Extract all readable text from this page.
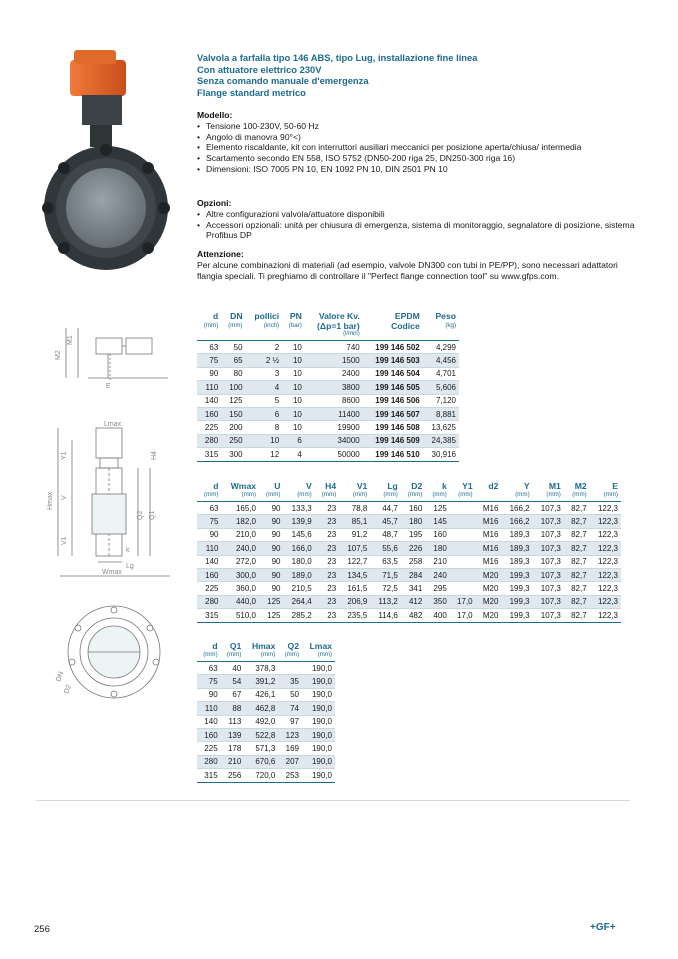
Valvola a farfalla tipo 146 ABS, tipo Lug, installazione fine linea
Con attuatore elettrico 230V
Senza comando manuale d'emergenza
Flange standard metrico
Modello:
• Tensione 100-230V, 50-60 Hz
• Angolo di manovra 90°<)
• Elemento riscaldante, kit con interruttori ausiliari meccanici per posizione aperta/chiusa/ intermedia
• Scartamento secondo EN 558, ISO 5752 (DN50-200 riga 25, DN250-300 riga 16)
• Dimensioni: ISO 7005 PN 10, EN 1092 PN 10, DIN 2501 PN 10
Opzioni:
• Altre configurazioni valvola/attuatore disponibili
• Accessori opzionali: unità per chiusura di emergenza, sistema di monitoraggio, segnalatore di posizione, sistema Profibus DP
Attenzione:
Per alcune combinazioni di materiali (ad esempio, valvole DN300 con tubi in PE/PP), sono necessari adattatori flangia speciali. Ti preghiamo di controllare il "Perfect flange connection tool" su www.gfps.com.
M2
M1
E
Lmax
H4
Y1
V
Hmax
Q2 Q1
V1
k
Lg
Wmax
DN
D2
d	DN	pollici	PN	Valore Kv.	EPDM	Peso
(mm)	(mm)	(inch)	(bar)	(Δp=1 bar)	Codice	(kg)
				(l/min)		
63	50	2	10	740	199 146 502	4,299
75	65	2 ½	10	1500	199 146 503	4,456
90	80	3	10	2400	199 146 504	4,701
110	100	4	10	3800	199 146 505	5,606
140	125	5	10	8600	199 146 506	7,120
160	150	6	10	11400	199 146 507	8,881
225	200	8	10	19900	199 146 508	13,625
280	250	10	6	34000	199 146 509	24,385
315	300	12	4	50000	199 146 510	30,916
d	Wmax	U	V	H4	V1	Lg	D2	k	Y1	d2	Y	M1	M2	E
(mm)	(mm)	(mm)	(mm)	(mm)	(mm)	(mm)	(mm)	(mm)	(mm)		(mm)	(mm)	(mm)	(mm)
63	165,0	90	133,3	23	78,8	44,7	160	125		M16	166,2	107,3	82,7	122,3
75	182,0	90	139,9	23	85,1	45,7	180	145		M16	166,2	107,3	82,7	122,3
90	210,0	90	145,6	23	91,2	48,7	195	160		M16	189,3	107,3	82,7	122,3
110	240,0	90	166,0	23	107,5	55,6	226	180		M16	189,3	107,3	82,7	122,3
140	272,0	90	180,0	23	122,7	63,5	258	210		M16	189,3	107,3	82,7	122,3
160	300,0	90	189,0	23	134,5	71,5	284	240		M20	199,3	107,3	82,7	122,3
225	360,0	90	210,5	23	161,5	72,5	341	295		M20	199,3	107,3	82,7	122,3
280	440,0	125	264,4	23	206,9	113,2	412	350	17,0	M20	199,3	107,3	82,7	122,3
315	510,0	125	285,2	23	235,5	114,6	482	400	17,0	M20	199,3	107,3	82,7	122,3
d	Q1	Hmax	Q2	Lmax
(mm)	(mm)	(mm)	(mm)	(mm)
63	40	378,3		190,0
75	54	391,2	35	190,0
90	67	426,1	50	190,0
110	88	462,8	74	190,0
140	113	492,0	97	190,0
160	139	522,8	123	190,0
225	178	571,3	169	190,0
280	210	670,6	207	190,0
315	256	720,0	253	190,0
256	+GF+
